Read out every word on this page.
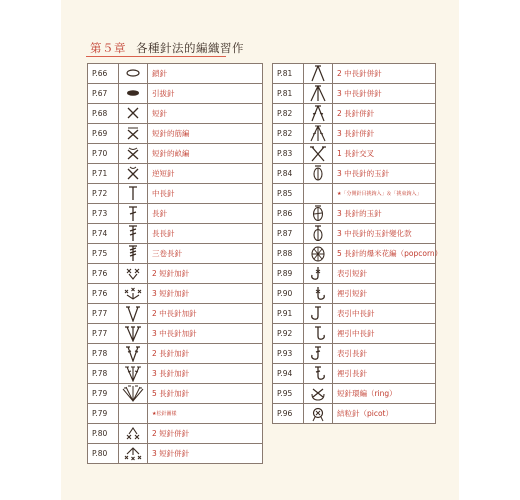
第５章 各種針法的編織習作
P.66		鎖針
P.67		引拔針
P.68		短針
P.69		短針的筋編
P.70		短針的畝編
P.71		逆短針
P.72		中長針
P.73		長針
P.74		長長針
P.75		三卷長針
P.76		2 短針加針
P.76		3 短針加針
P.77		2 中長針加針
P.77		3 中長針加針
P.78		2 長針加針
P.78		3 長針加針
P.79		5 長針加針
P.79		★松針圖樣
P.80		2 短針併針
P.80		3 短針併針
P.81		2 中長針併針
P.81		3 中長針併針
P.82		2 長針併針
P.82		3 長針併針
P.83		1 長針交叉
P.84		3 中長針的玉針
P.85		★「分開針目挑鉤入」＆「挑束鉤入」
P.86		3 長針的玉針
P.87		3 中長針的玉針變化款
P.88		5 長針的爆米花編（popcorn）
P.89		表引短針
P.90		裡引短針
P.91		表引中長針
P.92		裡引中長針
P.93		表引長針
P.94		裡引長針
P.95		短針環編（ring）
P.96		結粒針（picot）
